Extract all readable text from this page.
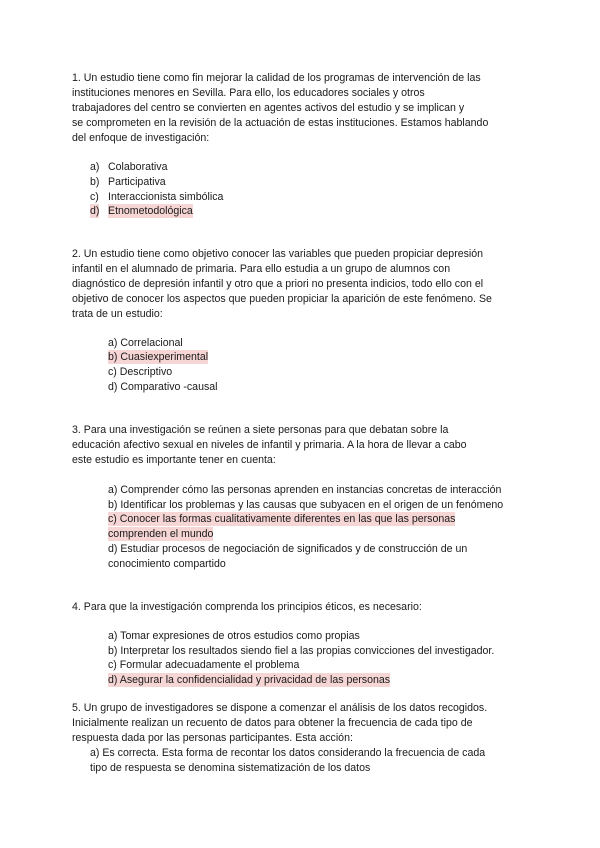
1. Un estudio tiene como fin mejorar la calidad de los programas de intervención de las
instituciones menores en Sevilla. Para ello, los educadores sociales y otros
trabajadores del centro se convierten en agentes activos del estudio y se implican y
se comprometen en la revisión de la actuación de estas instituciones. Estamos hablando
del enfoque de investigación:
a) Colaborativa
b) Participativa
c) Interaccionista simbólica
d) Etnometodológica
2. Un estudio tiene como objetivo conocer las variables que pueden propiciar depresión
infantil en el alumnado de primaria. Para ello estudia a un grupo de alumnos con
diagnóstico de depresión infantil y otro que a priori no presenta indicios, todo ello con el
objetivo de conocer los aspectos que pueden propiciar la aparición de este fenómeno. Se
trata de un estudio:
a) Correlacional
b) Cuasiexperimental
c) Descriptivo
d) Comparativo -causal
3. Para una investigación se reúnen a siete personas para que debatan sobre la
educación afectivo sexual en niveles de infantil y primaria. A la hora de llevar a cabo
este estudio es importante tener en cuenta:
a) Comprender cómo las personas aprenden en instancias concretas de interacción
b) Identificar los problemas y las causas que subyacen en el origen de un fenómeno
c) Conocer las formas cualitativamente diferentes en las que las personas
comprenden el mundo
d) Estudiar procesos de negociación de significados y de construcción de un
conocimiento compartido
4. Para que la investigación comprenda los principios éticos, es necesario:
a) Tomar expresiones de otros estudios como propias
b) Interpretar los resultados siendo fiel a las propias convicciones del investigador.
c) Formular adecuadamente el problema
d) Asegurar la confidencialidad y privacidad de las personas
5. Un grupo de investigadores se dispone a comenzar el análisis de los datos recogidos.
Inicialmente realizan un recuento de datos para obtener la frecuencia de cada tipo de
respuesta dada por las personas participantes. Esta acción:
a) Es correcta. Esta forma de recontar los datos considerando la frecuencia de cada
tipo de respuesta se denomina sistematización de los datos
